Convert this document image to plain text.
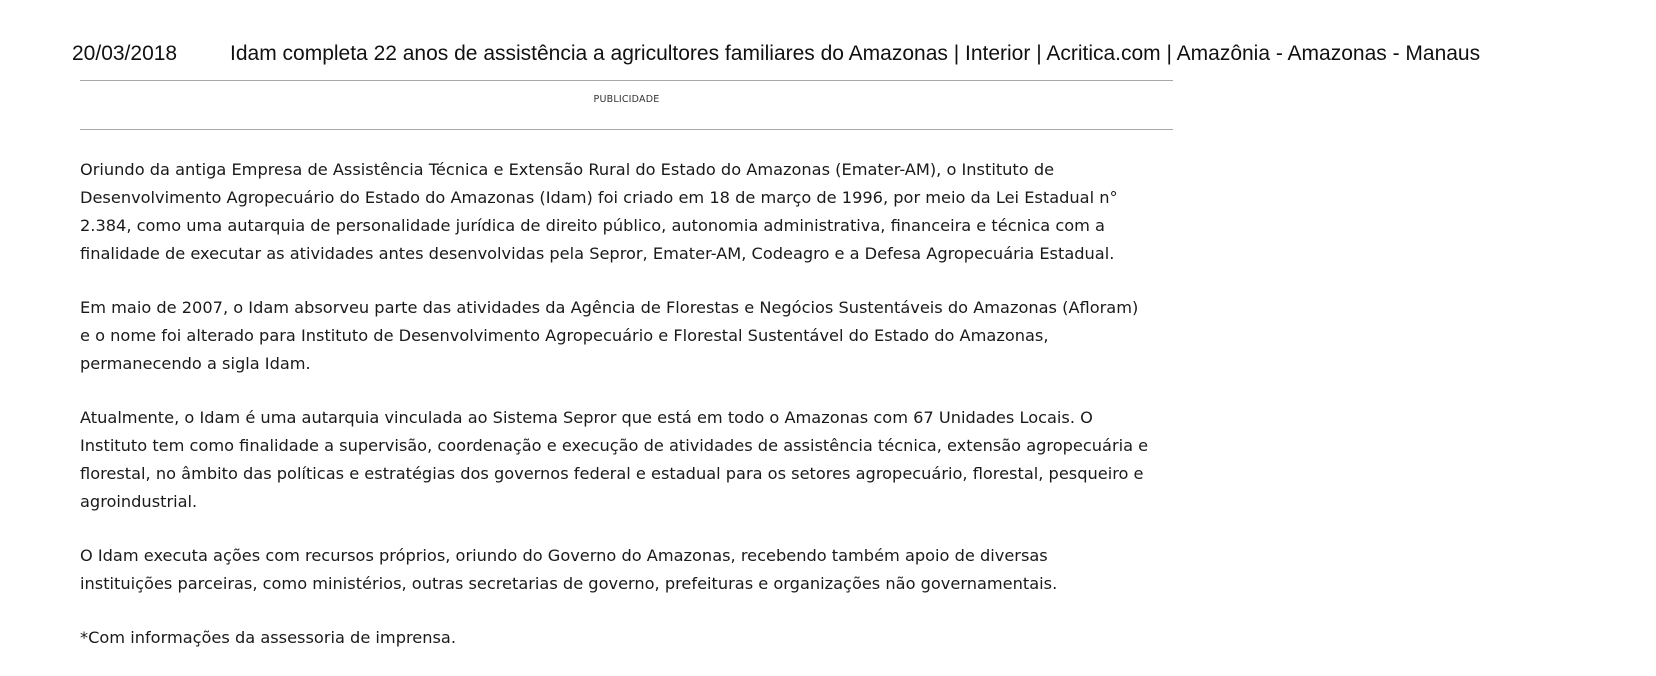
20/03/2018	Idam completa 22 anos de assistência a agricultores familiares do Amazonas | Interior | Acritica.com | Amazônia - Amazonas - Manaus
PUBLICIDADE

Oriundo da antiga Empresa de Assistência Técnica e Extensão Rural do Estado do Amazonas (Emater-AM), o Instituto de
Desenvolvimento Agropecuário do Estado do Amazonas (Idam) foi criado em 18 de março de 1996, por meio da Lei Estadual n°
2.384, como uma autarquia de personalidade jurídica de direito público, autonomia administrativa, financeira e técnica com a
finalidade de executar as atividades antes desenvolvidas pela Sepror, Emater-AM, Codeagro e a Defesa Agropecuária Estadual.

Em maio de 2007, o Idam absorveu parte das atividades da Agência de Florestas e Negócios Sustentáveis do Amazonas (Afloram)
e o nome foi alterado para Instituto de Desenvolvimento Agropecuário e Florestal Sustentável do Estado do Amazonas,
permanecendo a sigla Idam.

Atualmente, o Idam é uma autarquia vinculada ao Sistema Sepror que está em todo o Amazonas com 67 Unidades Locais. O
Instituto tem como finalidade a supervisão, coordenação e execução de atividades de assistência técnica, extensão agropecuária e
florestal, no âmbito das políticas e estratégias dos governos federal e estadual para os setores agropecuário, florestal, pesqueiro e
agroindustrial.

O Idam executa ações com recursos próprios, oriundo do Governo do Amazonas, recebendo também apoio de diversas
instituições parceiras, como ministérios, outras secretarias de governo, prefeituras e organizações não governamentais.

*Com informações da assessoria de imprensa.
